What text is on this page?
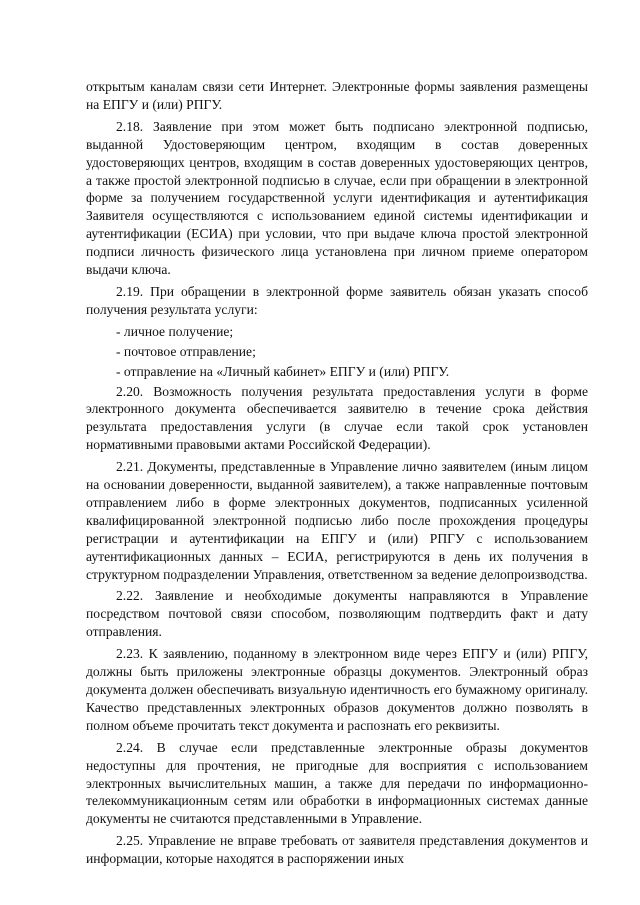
открытым каналам связи сети Интернет. Электронные формы заявления размещены на ЕПГУ и (или) РПГУ.

2.18. Заявление при этом может быть подписано электронной подписью, выданной Удостоверяющим центром, входящим в состав доверенных удостоверяющих центров, входящим в состав доверенных удостоверяющих центров, а также простой электронной подписью в случае, если при обращении в электронной форме за получением государственной услуги идентификация и аутентификация Заявителя осуществляются с использованием единой системы идентификации и аутентификации (ЕСИА) при условии, что при выдаче ключа простой электронной подписи личность физического лица установлена при личном приеме оператором выдачи ключа.

2.19. При обращении в электронной форме заявитель обязан указать способ получения результата услуги:

- личное получение;

- почтовое отправление;

- отправление на «Личный кабинет» ЕПГУ и (или) РПГУ.

2.20. Возможность получения результата предоставления услуги в форме электронного документа обеспечивается заявителю в течение срока действия результата предоставления услуги (в случае если такой срок установлен нормативными правовыми актами Российской Федерации).

2.21. Документы, представленные в Управление лично заявителем (иным лицом на основании доверенности, выданной заявителем), а также направленные почтовым отправлением либо в форме электронных документов, подписанных усиленной квалифицированной электронной подписью либо после прохождения процедуры регистрации и аутентификации на ЕПГУ и (или) РПГУ с использованием аутентификационных данных – ЕСИА, регистрируются в день их получения в структурном подразделении Управления, ответственном за ведение делопроизводства.

2.22. Заявление и необходимые документы направляются в Управление посредством почтовой связи способом, позволяющим подтвердить факт и дату отправления.

2.23. К заявлению, поданному в электронном виде через ЕПГУ и (или) РПГУ, должны быть приложены электронные образцы документов. Электронный образ документа должен обеспечивать визуальную идентичность его бумажному оригиналу. Качество представленных электронных образов документов должно позволять в полном объеме прочитать текст документа и распознать его реквизиты.

2.24. В случае если представленные электронные образы документов недоступны для прочтения, не пригодные для восприятия с использованием электронных вычислительных машин, а также для передачи по информационно-телекоммуникационным сетям или обработки в информационных системах данные документы не считаются представленными в Управление.

2.25. Управление не вправе требовать от заявителя представления документов и информации, которые находятся в распоряжении иных
